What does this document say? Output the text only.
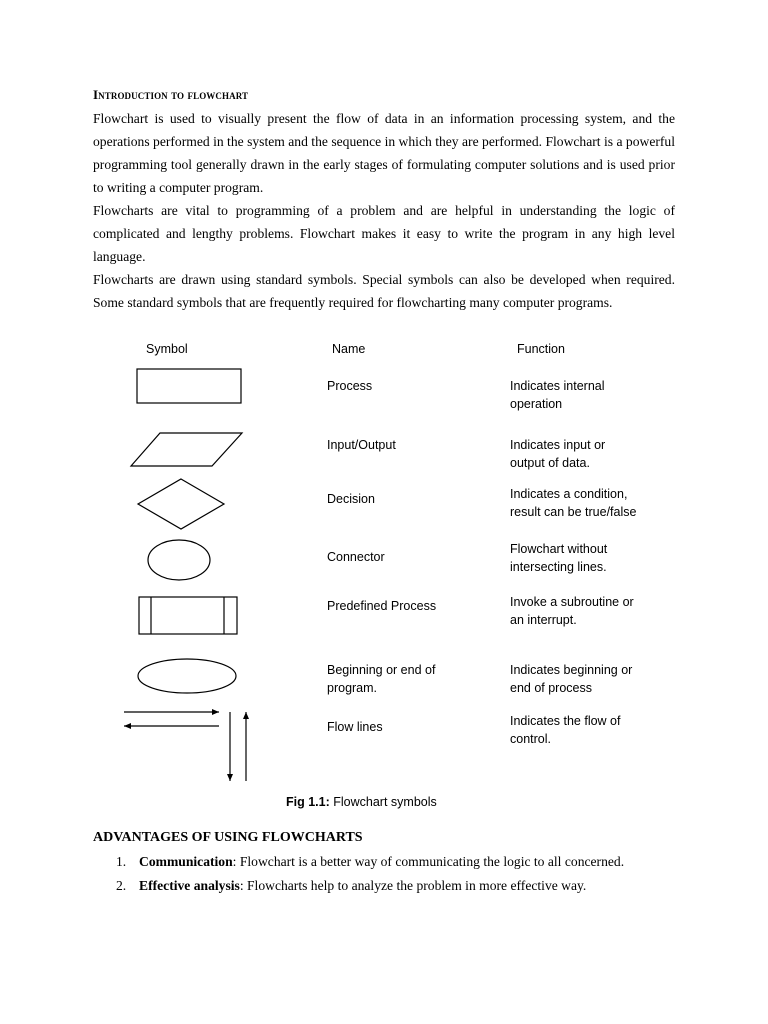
Introduction to flowchart

Flowchart is used to visually present the flow of data in an information processing system, and the operations performed in the system and the sequence in which they are performed. Flowchart is a powerful programming tool generally drawn in the early stages of formulating computer solutions and is used prior to writing a computer program.

Flowcharts are vital to programming of a problem and are helpful in understanding the logic of complicated and lengthy problems. Flowchart makes it easy to write the program in any high level language.

Flowcharts are drawn using standard symbols. Special symbols can also be developed when required. Some standard symbols that are frequently required for flowcharting many computer programs.

Symbol	Name	Function
Process
Input/Output
Decision
Connector
Predefined Process
Beginning or end of program.
Flow lines
Indicates internal operation
Indicates input or output of data.
Indicates a condition, result can be true/false
Flowchart without intersecting lines.
Invoke a subroutine or an interrupt.
Indicates beginning or end of process
Indicates the flow of control.
Fig 1.1: Flowchart symbols
ADVANTAGES OF USING FLOWCHARTS
1. Communication: Flowchart is a better way of communicating the logic to all concerned.
2. Effective analysis: Flowcharts help to analyze the problem in more effective way.
